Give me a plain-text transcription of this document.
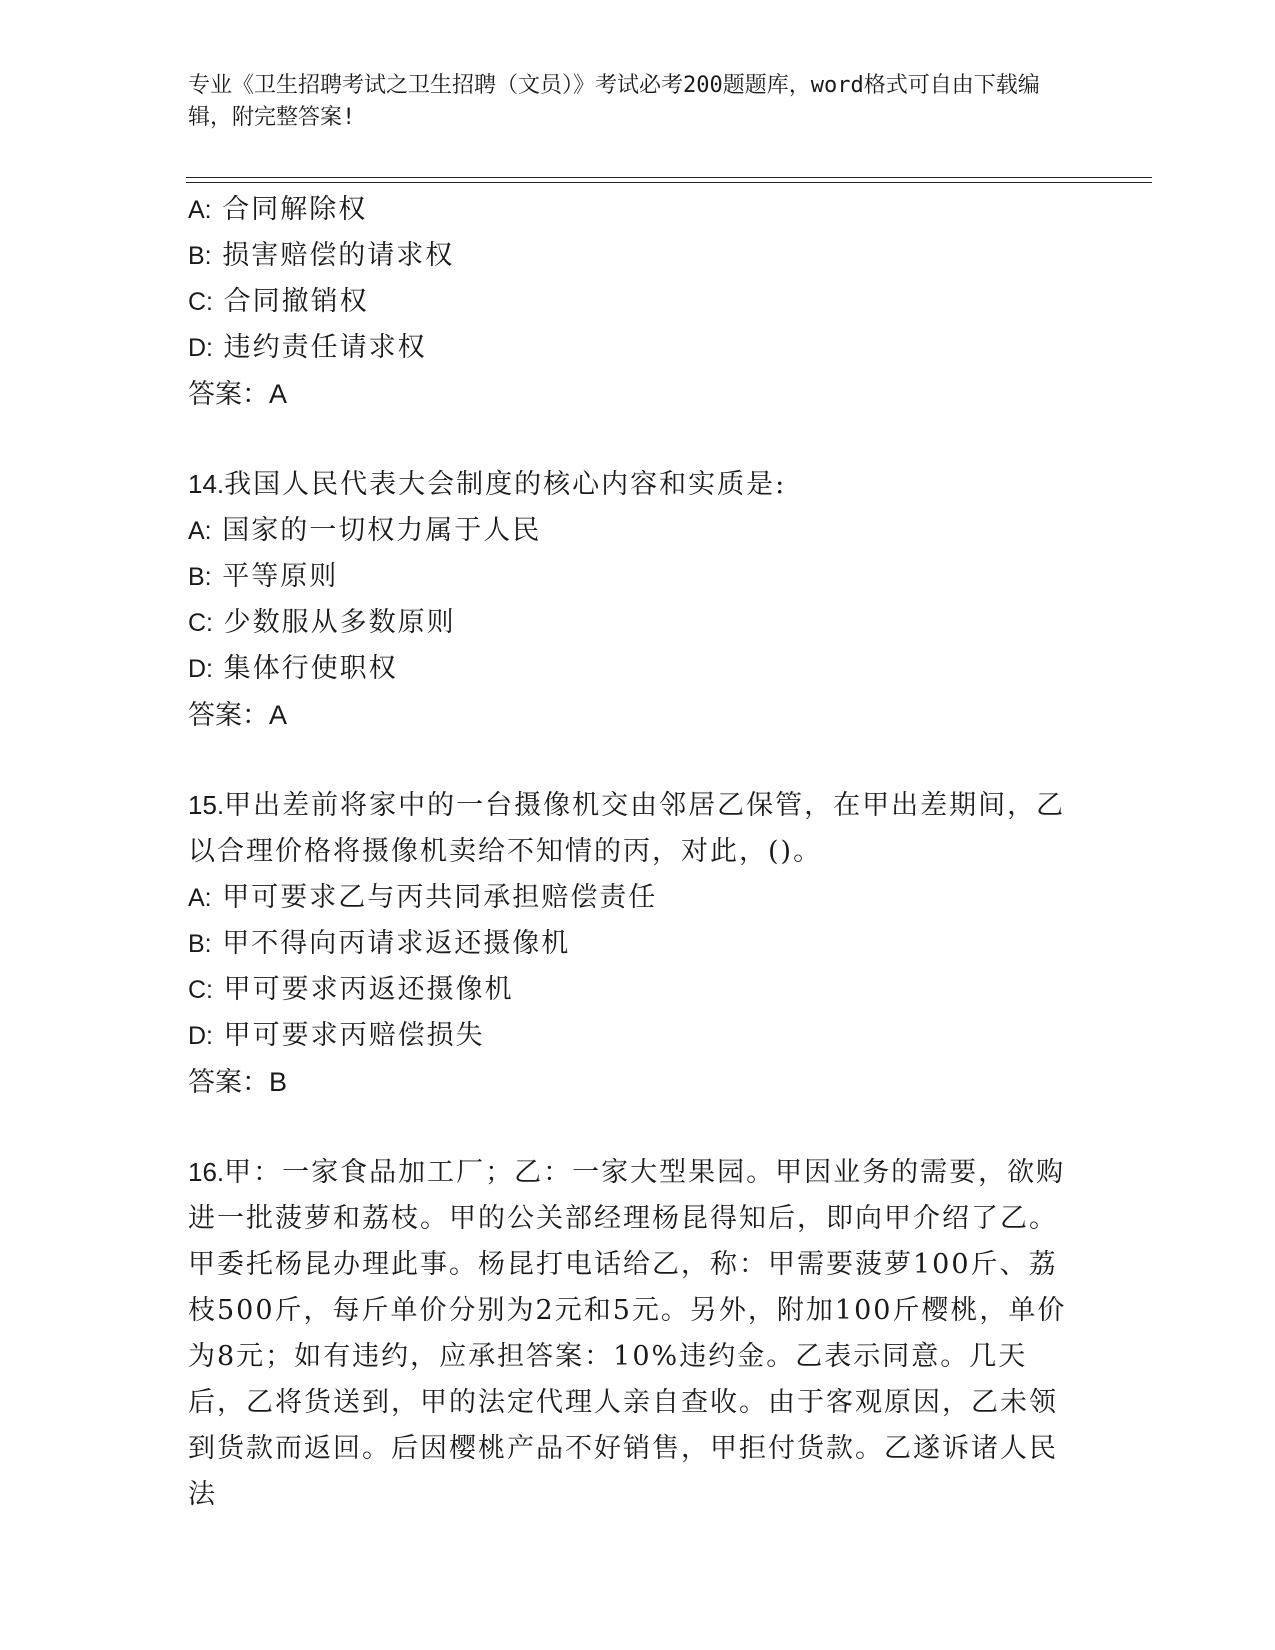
专业《卫生招聘考试之卫生招聘（文员）》考试必考200题题库，word格式可自由下载编辑，附完整答案!
A: 合同解除权
B: 损害赔偿的请求权
C: 合同撤销权
D: 违约责任请求权
答案：A
14.我国人民代表大会制度的核心内容和实质是:
A: 国家的一切权力属于人民
B: 平等原则
C: 少数服从多数原则
D: 集体行使职权
答案：A
15.甲出差前将家中的一台摄像机交由邻居乙保管，在甲出差期间，乙以合理价格将摄像机卖给不知情的丙，对此，()。
A: 甲可要求乙与丙共同承担赔偿责任
B: 甲不得向丙请求返还摄像机
C: 甲可要求丙返还摄像机
D: 甲可要求丙赔偿损失
答案：B
16.甲：一家食品加工厂；乙：一家大型果园。甲因业务的需要，欲购进一批菠萝和荔枝。甲的公关部经理杨昆得知后，即向甲介绍了乙。甲委托杨昆办理此事。杨昆打电话给乙，称：甲需要菠萝100斤、荔枝500斤，每斤单价分别为2元和5元。另外，附加100斤樱桃，单价为8元；如有违约，应承担答案：10%违约金。乙表示同意。几天后，乙将货送到，甲的法定代理人亲自查收。由于客观原因，乙未领到货款而返回。后因樱桃产品不好销售，甲拒付货款。乙遂诉诸人民法
